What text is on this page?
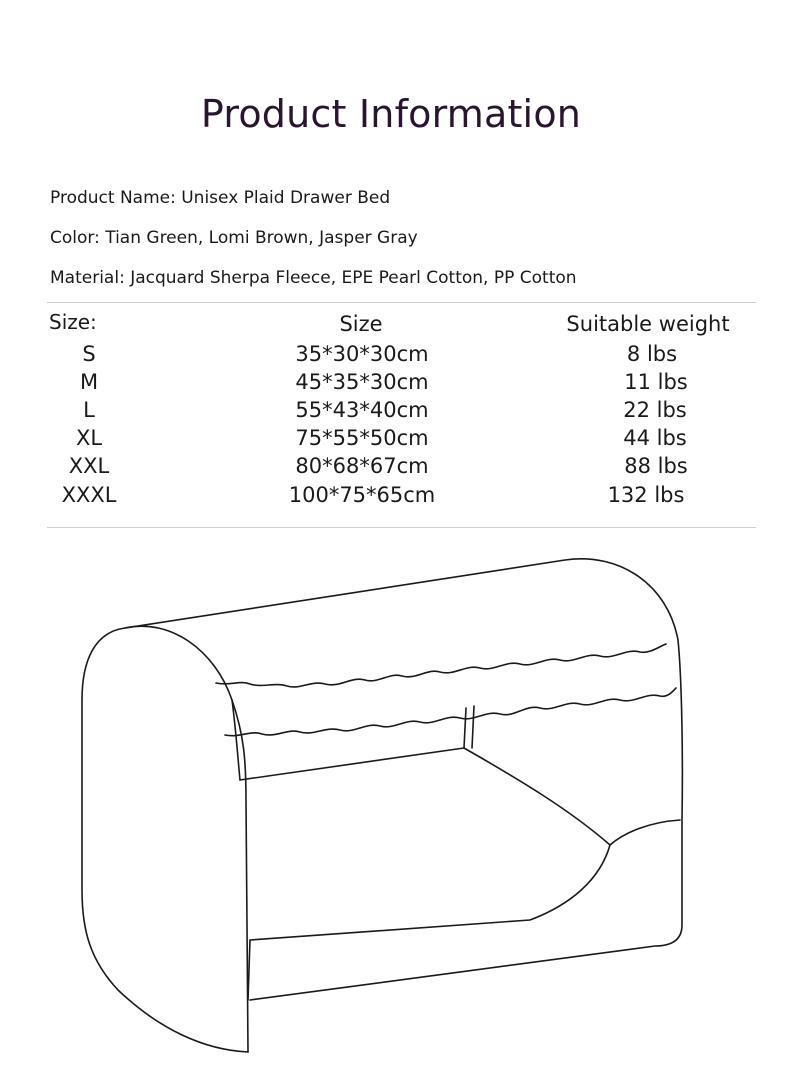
Product Information
Product Name: Unisex Plaid Drawer Bed
Color: Tian Green, Lomi Brown, Jasper Gray
Material: Jacquard Sherpa Fleece, EPE Pearl Cotton, PP Cotton
Size:	Size	Suitable weight
S	35*30*30cm	8 lbs
M	45*35*30cm	11 lbs
L	55*43*40cm	22 lbs
XL	75*55*50cm	44 lbs
XXL	80*68*67cm	88 lbs
XXXL	100*75*65cm	132 lbs
